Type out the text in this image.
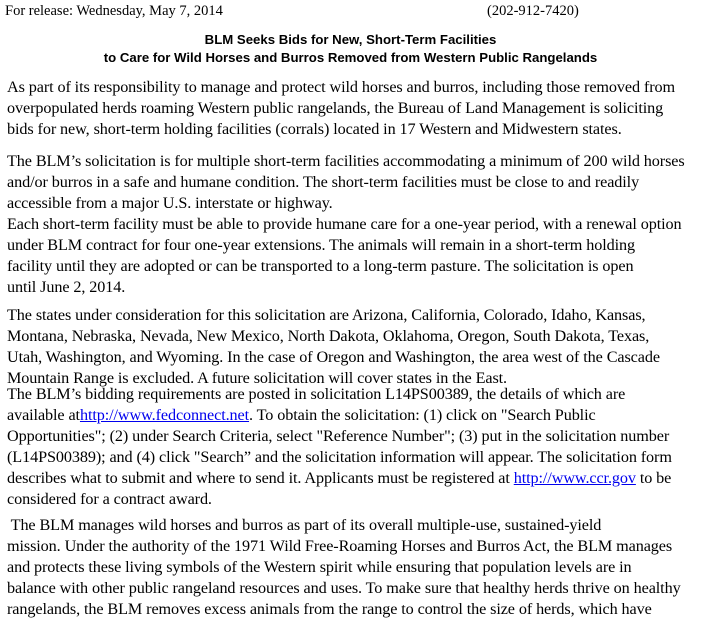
For release: Wednesday, May 7, 2014	(202-912-7420)
BLM Seeks Bids for New, Short-Term Facilities
to Care for Wild Horses and Burros Removed from Western Public Rangelands
As part of its responsibility to manage and protect wild horses and burros, including those removed from
overpopulated herds roaming Western public rangelands, the Bureau of Land Management is soliciting
bids for new, short-term holding facilities (corrals) located in 17 Western and Midwestern states.
The BLM’s solicitation is for multiple short-term facilities accommodating a minimum of 200 wild horses
and/or burros in a safe and humane condition. The short-term facilities must be close to and readily
accessible from a major U.S. interstate or highway.
Each short-term facility must be able to provide humane care for a one-year period, with a renewal option
under BLM contract for four one-year extensions. The animals will remain in a short-term holding
facility until they are adopted or can be transported to a long-term pasture. The solicitation is open
until June 2, 2014.
The states under consideration for this solicitation are Arizona, California, Colorado, Idaho, Kansas,
Montana, Nebraska, Nevada, New Mexico, North Dakota, Oklahoma, Oregon, South Dakota, Texas,
Utah, Washington, and Wyoming. In the case of Oregon and Washington, the area west of the Cascade
Mountain Range is excluded. A future solicitation will cover states in the East.
The BLM’s bidding requirements are posted in solicitation L14PS00389, the details of which are
available athttp://www.fedconnect.net. To obtain the solicitation: (1) click on "Search Public
Opportunities"; (2) under Search Criteria, select "Reference Number"; (3) put in the solicitation number
(L14PS00389); and (4) click "Search” and the solicitation information will appear. The solicitation form
describes what to submit and where to send it. Applicants must be registered at http://www.ccr.gov to be
considered for a contract award.
The BLM manages wild horses and burros as part of its overall multiple-use, sustained-yield
mission. Under the authority of the 1971 Wild Free-Roaming Horses and Burros Act, the BLM manages
and protects these living symbols of the Western spirit while ensuring that population levels are in
balance with other public rangeland resources and uses. To make sure that healthy herds thrive on healthy
rangelands, the BLM removes excess animals from the range to control the size of herds, which have
